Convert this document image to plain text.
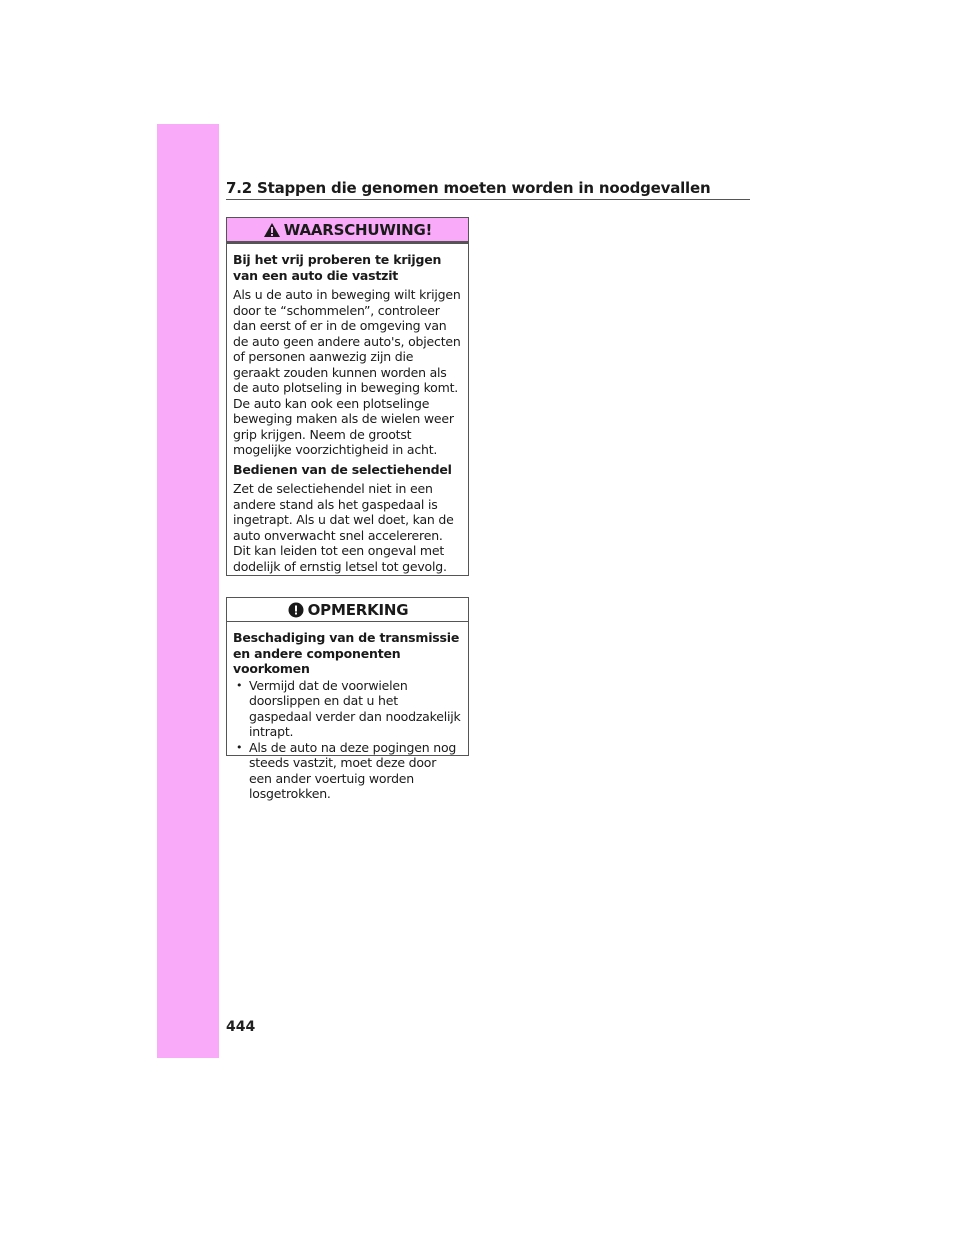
7.2 Stappen die genomen moeten worden in noodgevallen
WAARSCHUWING!

Bij het vrij proberen te krijgen van een auto die vastzit

Als u de auto in beweging wilt krijgen door te “schommelen”, controleer dan eerst of er in de omgeving van de auto geen andere auto's, objecten of personen aanwezig zijn die geraakt zouden kunnen worden als de auto plotseling in beweging komt. De auto kan ook een plotselinge beweging maken als de wielen weer grip krijgen. Neem de grootst mogelijke voorzichtigheid in acht.

Bedienen van de selectiehendel

Zet de selectiehendel niet in een andere stand als het gaspedaal is ingetrapt. Als u dat wel doet, kan de auto onverwacht snel accelereren. Dit kan leiden tot een ongeval met dodelijk of ernstig letsel tot gevolg.

OPMERKING

Beschadiging van de transmissie en andere componenten voorkomen

• Vermijd dat de voorwielen doorslippen en dat u het gaspedaal verder dan noodzakelijk intrapt.
• Als de auto na deze pogingen nog steeds vastzit, moet deze door een ander voertuig worden losgetrokken.
444
